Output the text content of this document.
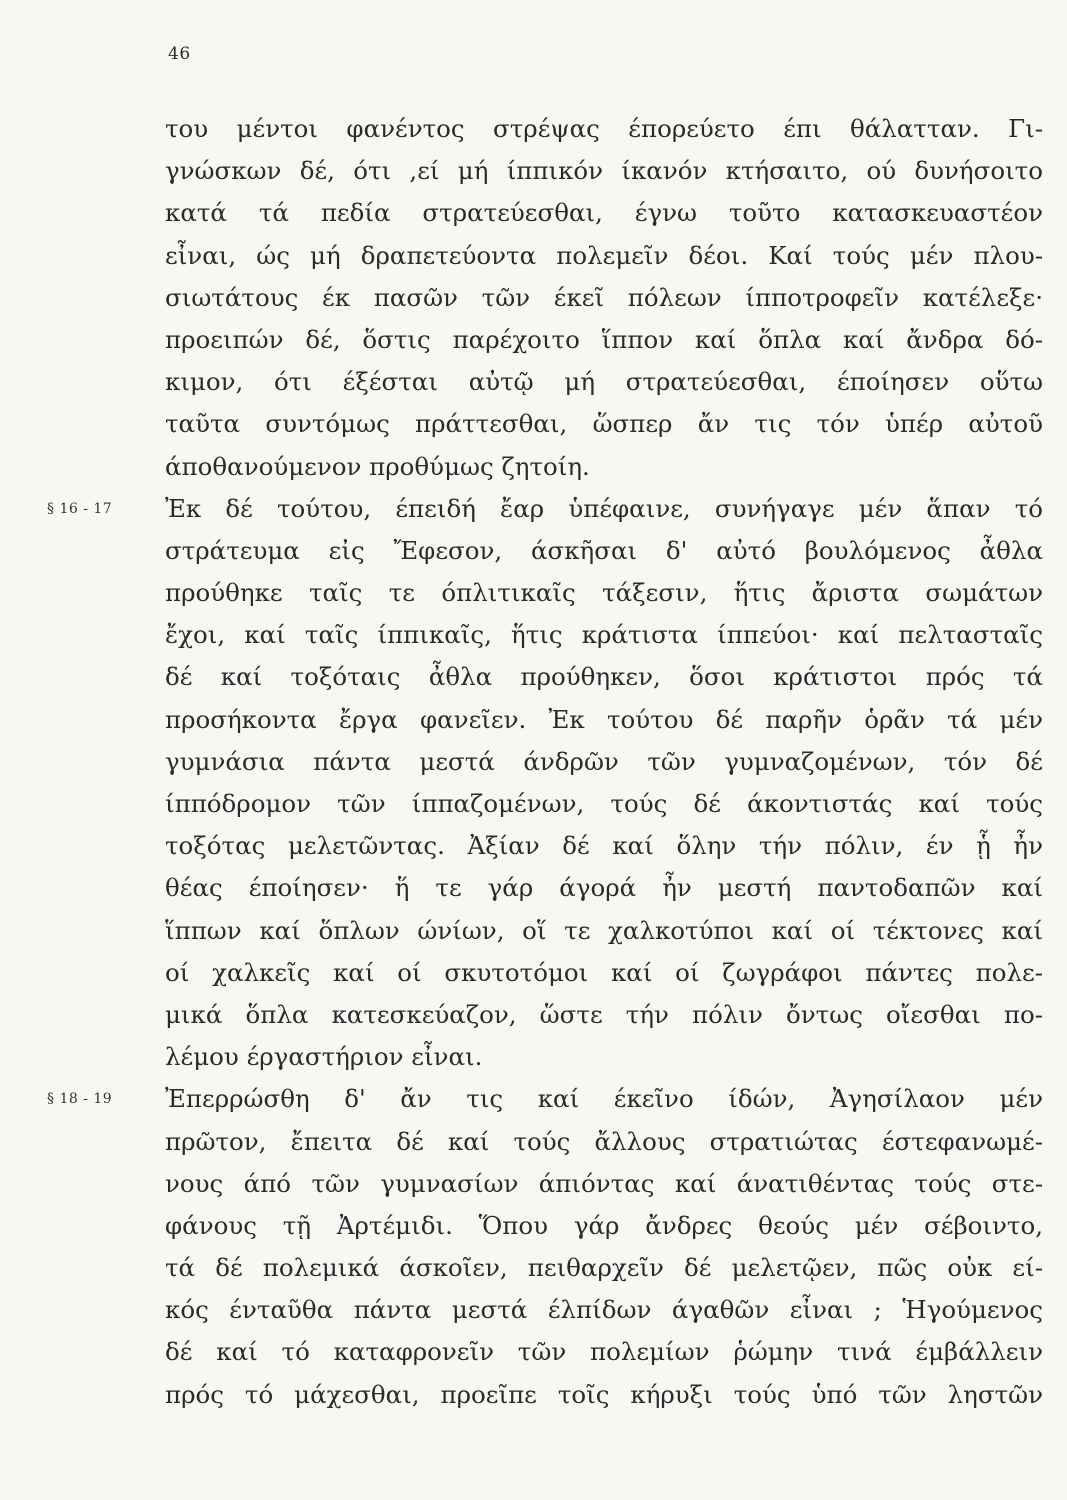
46
του μέντοι φανέντος στρέψας έπορεύετο έπι θάλατταν. Γι-
γνώσκων δέ, ότι ,εί μή ίππικόν ίκανόν κτήσαιτο, ού δυνήσοιτο
κατά τά πεδία στρατεύεσθαι, έγνω τοῦτο κατασκευαστέον
εἶναι, ώς μή δραπετεύοντα πολεμεῖν δέοι. Καί τούς μέν πλου-
σιωτάτους έκ πασῶν τῶν έκεῖ πόλεων ίπποτροφεῖν κατέλεξε·
προειπών δέ, ὅστις παρέχοιτο ἵππον καί ὅπλα καί ἄνδρα δό-
κιμον, ότι έξέσται αὐτῷ μή στρατεύεσθαι, έποίησεν οὕτω
ταῦτα συντόμως πράττεσθαι, ὥσπερ ἄν τις τόν ὑπέρ αὐτοῦ
άποθανούμενον προθύμως ζητοίη.
§ 16 - 17 Ἐκ δέ τούτου, έπειδή ἔαρ ὑπέφαινε, συνήγαγε μέν ἅπαν τό
στράτευμα εἰς Ἔφεσον, άσκῆσαι δ' αὐτό βουλόμενος ἆθλα
προύθηκε ταῖς τε όπλιτικαῖς τάξεσιν, ἥτις ἄριστα σωμάτων
ἔχοι, καί ταῖς ίππικαῖς, ἥτις κράτιστα ίππεύοι· καί πελτασταῖς
δέ καί τοξόταις ἆθλα προύθηκεν, ὅσοι κράτιστοι πρός τά
προσήκοντα ἔργα φανεῖεν. Ἐκ τούτου δέ παρῆν ὁρᾶν τά μέν
γυμνάσια πάντα μεστά άνδρῶν τῶν γυμναζομένων, τόν δέ
ίππόδρομον τῶν ίππαζομένων, τούς δέ άκοντιστάς καί τούς
τοξότας μελετῶντας. Ἀξίαν δέ καί ὅλην τήν πόλιν, έν ᾗ ἦν
θέας έποίησεν· ἥ τε γάρ άγορά ἦν μεστή παντοδαπῶν καί
ἵππων καί ὅπλων ώνίων, οἵ τε χαλκοτύποι καί οί τέκτονες καί
οί χαλκεῖς καί οί σκυτοτόμοι καί οί ζωγράφοι πάντες πολε-
μικά ὅπλα κατεσκεύαζον, ὥστε τήν πόλιν ὄντως οἴεσθαι πο-
λέμου έργαστήριον εἶναι.
§ 18 - 19 Ἐπερρώσθη δ' ἄν τις καί έκεῖνο ίδών, Ἀγησίλαον μέν
πρῶτον, ἔπειτα δέ καί τούς ἄλλους στρατιώτας έστεφανωμέ-
νους άπό τῶν γυμνασίων άπιόντας καί άνατιθέντας τούς στε-
φάνους τῇ Ἀρτέμιδι. Ὅπου γάρ ἄνδρες θεούς μέν σέβοιντο,
τά δέ πολεμικά άσκοῖεν, πειθαρχεῖν δέ μελετῷεν, πῶς οὐκ εί-
κός ένταῦθα πάντα μεστά έλπίδων άγαθῶν εἶναι ; Ἡγούμενος
δέ καί τό καταφρονεῖν τῶν πολεμίων ῥώμην τινά έμβάλλειν
πρός τό μάχεσθαι, προεῖπε τοῖς κήρυξι τούς ὑπό τῶν ληστῶν
